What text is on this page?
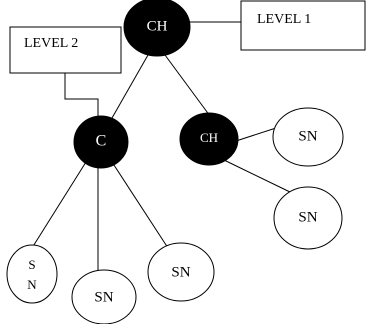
LEVEL 1
LEVEL 2
CH
C	CH	SN
SN
S
N
SN
SN
